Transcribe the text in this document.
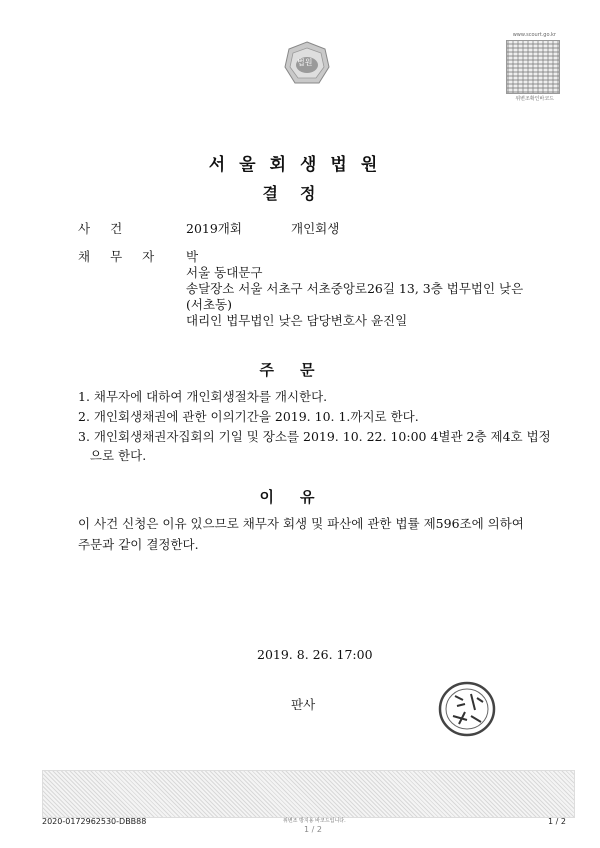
법원
www.scourt.go.kr
위변조확인바코드
서울회생법원
결정
사건	2019개회	개인회생
채무자 박
서울 동대문구
송달장소 서울 서초구 서초중앙로26길 13, 3층 법무법인 낮은
(서초동)
대리인 법무법인 낮은 담당변호사 윤진일
주문
1. 채무자에 대하여 개인회생절차를 개시한다.
2. 개인회생채권에 관한 이의기간을 2019. 10. 1.까지로 한다.
3. 개인회생채권자집회의 기일 및 장소를 2019. 10. 22. 10:00 4별관 2층 제4호 법정
으로 한다.
이유
이 사건 신청은 이유 있으므로 채무자 회생 및 파산에 관한 법률 제596조에 의하여
주문과 같이 결정한다.
2019. 8. 26. 17:00
판사
2020-0172962530-DBB88	위변조 방지용 바코드입니다.
1 / 2
1 / 2
